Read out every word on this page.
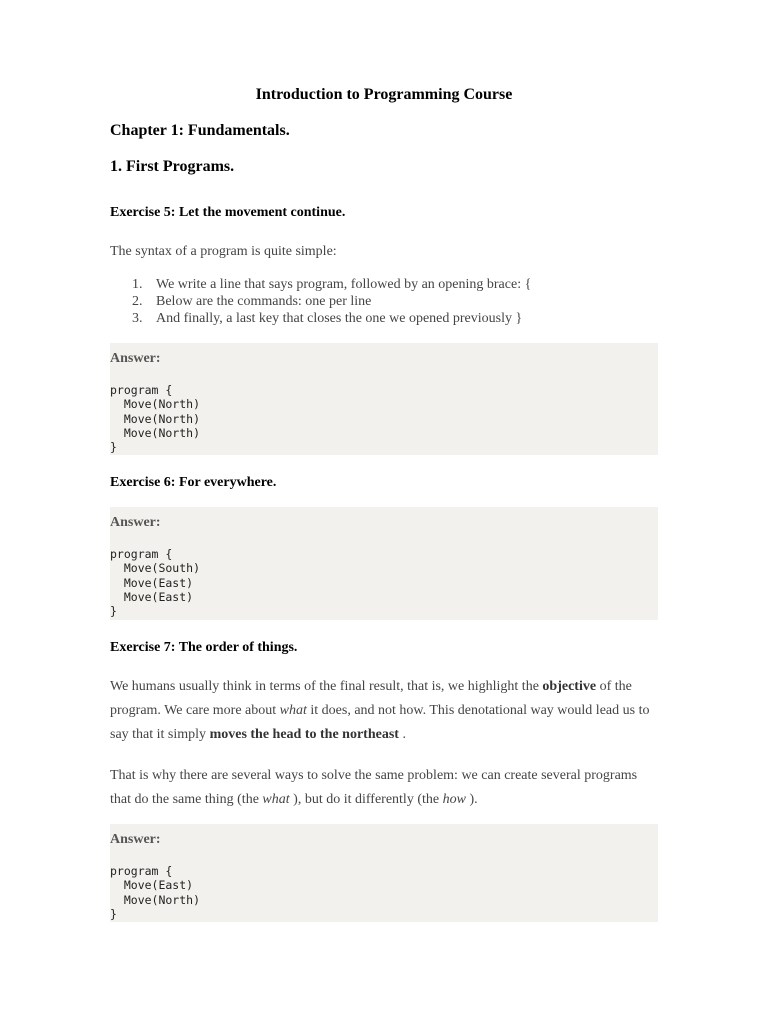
Introduction to Programming Course
Chapter 1: Fundamentals.
1. First Programs.
Exercise 5: Let the movement continue.

The syntax of a program is quite simple:

1. We write a line that says program, followed by an opening brace: {
2. Below are the commands: one per line
3. And finally, a last key that closes the one we opened previously }
Answer:
program {
Move(North)
Move(North)
Move(North)
}
Exercise 6: For everywhere.
Answer:
program {
Move(South)
Move(East)
Move(East)
}
Exercise 7: The order of things.

We humans usually think in terms of the final result, that is, we highlight the objective of the program. We care more about what it does, and not how. This denotational way would lead us to say that it simply moves the head to the northeast .

That is why there are several ways to solve the same problem: we can create several programs that do the same thing (the what ), but do it differently (the how ).

Answer:
program {
Move(East)
Move(North)
}
